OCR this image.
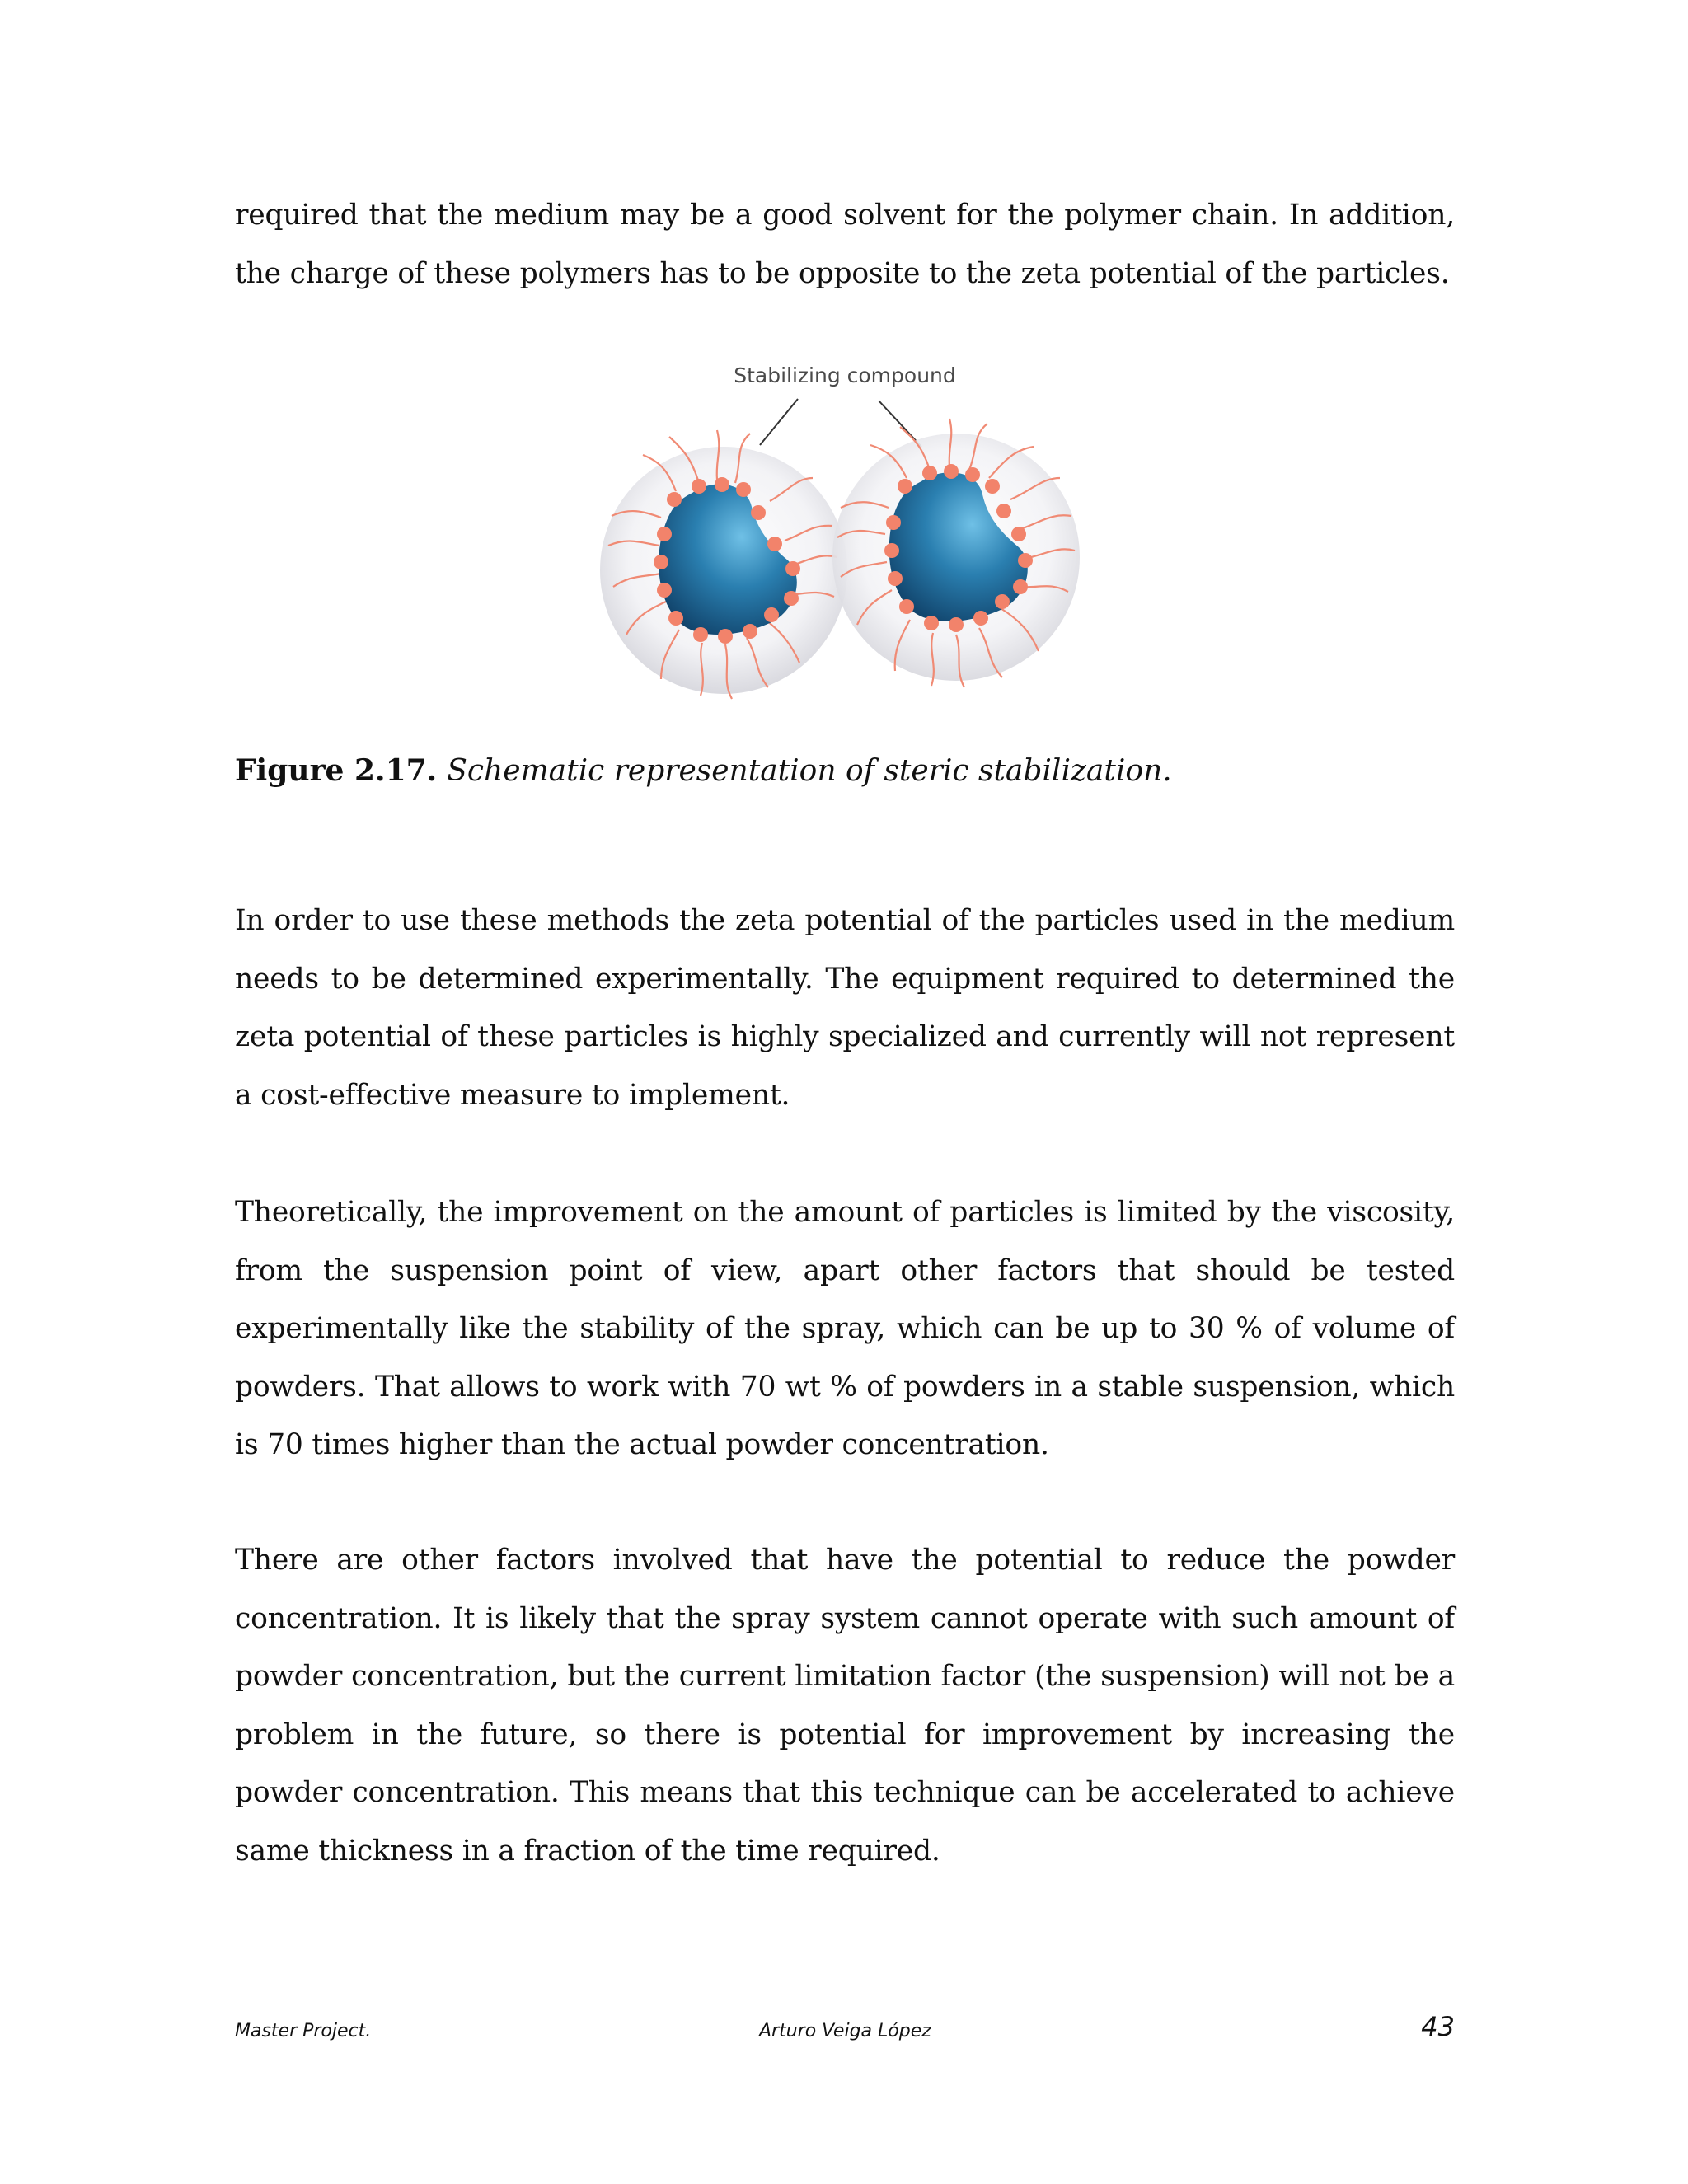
required that the medium may be a good solvent for the polymer chain. In addition, the charge of these polymers has to be opposite to the zeta potential of the particles.

Stabilizing compound
Figure 2.17. Schematic representation of steric stabilization.

In order to use these methods the zeta potential of the particles used in the medium needs to be determined experimentally. The equipment required to determined the zeta potential of these particles is highly specialized and currently will not represent a cost-effective measure to implement.

Theoretically, the improvement on the amount of particles is limited by the viscosity, from the suspension point of view, apart other factors that should be tested experimentally like the stability of the spray, which can be up to 30 % of volume of powders. That allows to work with 70 wt % of powders in a stable suspension, which is 70 times higher than the actual powder concentration.

There are other factors involved that have the potential to reduce the powder concentration. It is likely that the spray system cannot operate with such amount of powder concentration, but the current limitation factor (the suspension) will not be a problem in the future, so there is potential for improvement by increasing the powder concentration. This means that this technique can be accelerated to achieve same thickness in a fraction of the time required.

Master Project.	Arturo Veiga López	43
